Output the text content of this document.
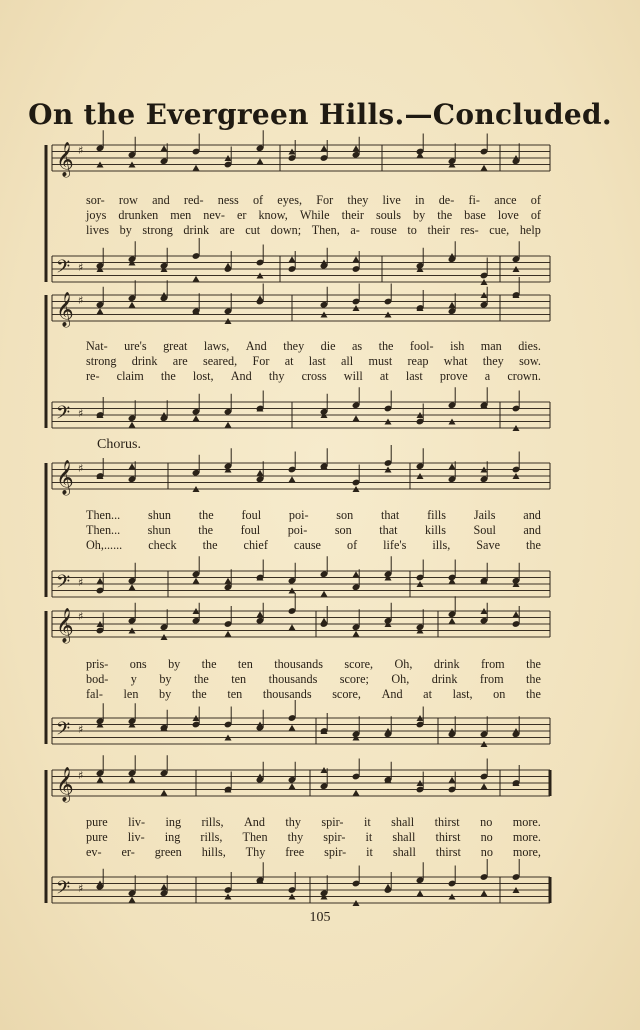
On the Evergreen Hills.—Concluded.
𝄞 ♯
𝄢 ♯
𝄞 ♯
𝄢 ♯
𝄞 ♯
𝄢 ♯
𝄞 ♯
𝄢 ♯
𝄞 ♯
𝄢 ♯
Chorus.
sor- row and red- ness of eyes, For they live in de- fi- ance of
joys drunken men nev- er know, While their souls by the base love of
lives by strong drink are cut down; Then, a- rouse to their res- cue, help
Nat- ure's great laws, And they die as the fool- ish man dies.
strong drink are seared, For at last all must reap what they sow.
re- claim the lost, And thy cross will at last prove a crown.
Then... shun the foul poi- son that fills Jails and
Then... shun the foul poi- son that kills Soul and
Oh,...... check the chief cause of life's ills, Save the
pris- ons by the ten thousands score, Oh, drink from the
bod- y by the ten thousands score; Oh, drink from the
fal- len by the ten thousands score, And at last, on the
pure liv- ing rills, And thy spir- it shall thirst no more.
pure liv- ing rills, Then thy spir- it shall thirst no more.
ev- er- green hills, Thy free spir- it shall thirst no more,
105
